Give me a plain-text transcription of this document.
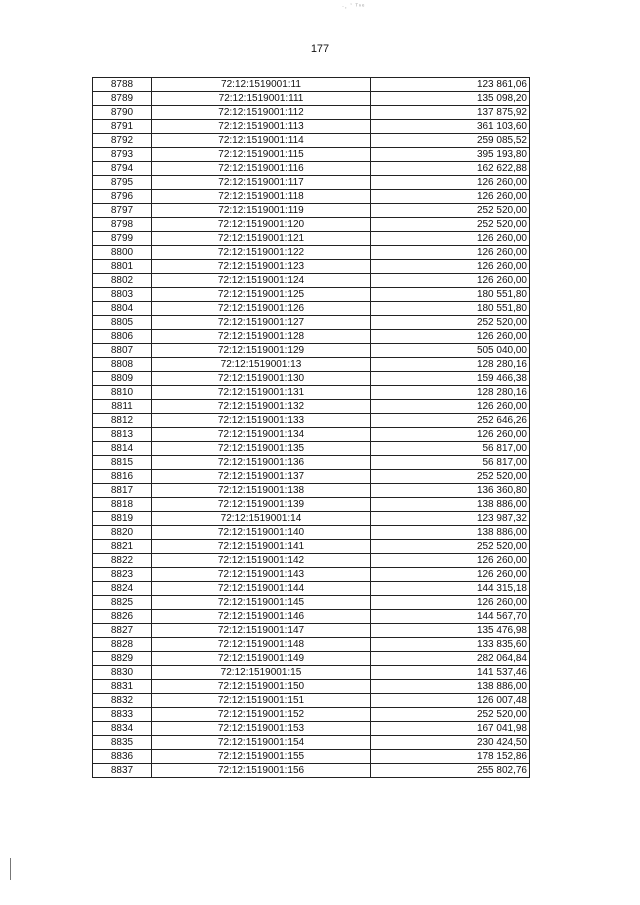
·, ʼ ᵀⁿᵉ
177
8788	72:12:1519001:11	123 861,06
8789	72:12:1519001:111	135 098,20
8790	72:12:1519001:112	137 875,92
8791	72:12:1519001:113	361 103,60
8792	72:12:1519001:114	259 085,52
8793	72:12:1519001:115	395 193,80
8794	72:12:1519001:116	162 622,88
8795	72:12:1519001:117	126 260,00
8796	72:12:1519001:118	126 260,00
8797	72:12:1519001:119	252 520,00
8798	72:12:1519001:120	252 520,00
8799	72:12:1519001:121	126 260,00
8800	72:12:1519001:122	126 260,00
8801	72:12:1519001:123	126 260,00
8802	72:12:1519001:124	126 260,00
8803	72:12:1519001:125	180 551,80
8804	72:12:1519001:126	180 551,80
8805	72:12:1519001:127	252 520,00
8806	72:12:1519001:128	126 260,00
8807	72:12:1519001:129	505 040,00
8808	72:12:1519001:13	128 280,16
8809	72:12:1519001:130	159 466,38
8810	72:12:1519001:131	128 280,16
8811	72:12:1519001:132	126 260,00
8812	72:12:1519001:133	252 646,26
8813	72:12:1519001:134	126 260,00
8814	72:12:1519001:135	56 817,00
8815	72:12:1519001:136	56 817,00
8816	72:12:1519001:137	252 520,00
8817	72:12:1519001:138	136 360,80
8818	72:12:1519001:139	138 886,00
8819	72:12:1519001:14	123 987,32
8820	72:12:1519001:140	138 886,00
8821	72:12:1519001:141	252 520,00
8822	72:12:1519001:142	126 260,00
8823	72:12:1519001:143	126 260,00
8824	72:12:1519001:144	144 315,18
8825	72:12:1519001:145	126 260,00
8826	72:12:1519001:146	144 567,70
8827	72:12:1519001:147	135 476,98
8828	72:12:1519001:148	133 835,60
8829	72:12:1519001:149	282 064,84
8830	72:12:1519001:15	141 537,46
8831	72:12:1519001:150	138 886,00
8832	72:12:1519001:151	126 007,48
8833	72:12:1519001:152	252 520,00
8834	72:12:1519001:153	167 041,98
8835	72:12:1519001:154	230 424,50
8836	72:12:1519001:155	178 152,86
8837	72:12:1519001:156	255 802,76
